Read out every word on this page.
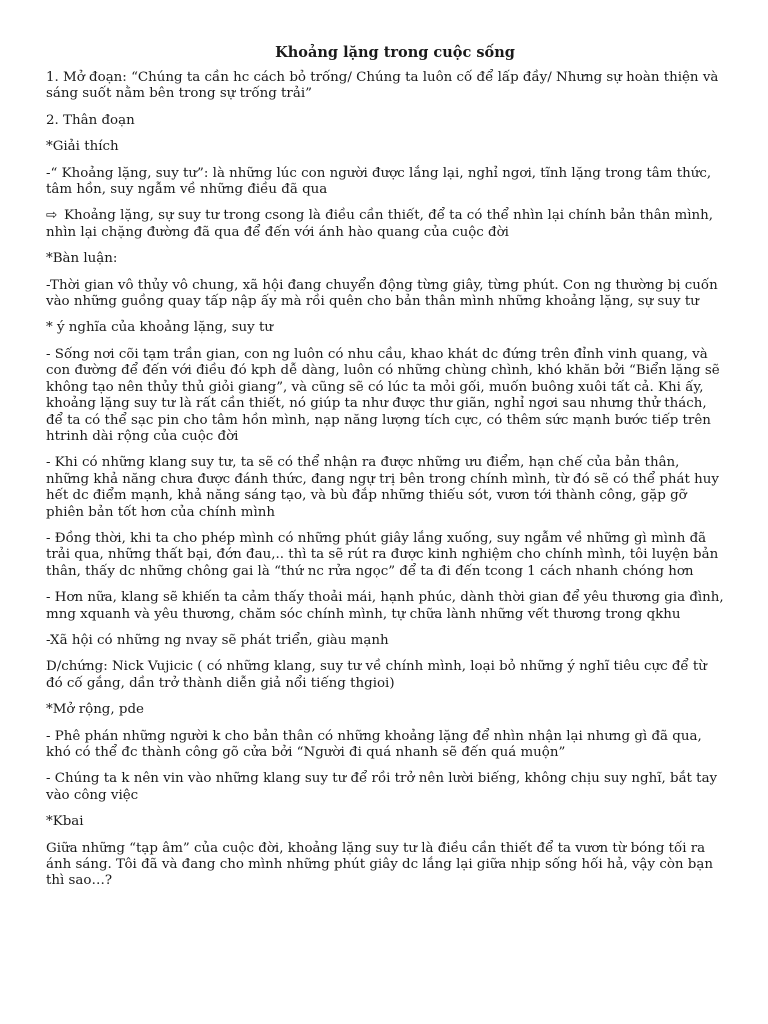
Khoảng lặng trong cuộc sống

1. Mở đoạn: “Chúng ta cần hc cách bỏ trống/ Chúng ta luôn cố để lấp đầy/ Nhưng sự hoàn thiện và sáng suốt nằm bên trong sự trống trải”

2. Thân đoạn

*Giải thích

-“ Khoảng lặng, suy tư”: là những lúc con người được lắng lại, nghỉ ngơi, tĩnh lặng trong tâm thức, tâm hồn, suy ngẫm về những điều đã qua

⇨ Khoảng lặng, sự suy tư trong csong là điều cần thiết, để ta có thể nhìn lại chính bản thân mình, nhìn lại chặng đường đã qua để đến với ánh hào quang của cuộc đời

*Bàn luận:

-Thời gian vô thủy vô chung, xã hội đang chuyển động từng giây, từng phút. Con ng thường bị cuốn vào những guồng quay tấp nập ấy mà rồi quên cho bản thân mình những khoảng lặng, sự suy tư

* ý nghĩa của khoảng lặng, suy tư

- Sống nơi cõi tạm trần gian, con ng luôn có nhu cầu, khao khát dc đứng trên đỉnh vinh quang, và con đường để đến với điều đó kph dễ dàng, luôn có những chùng chình, khó khăn bởi “Biển lặng sẽ không tạo nên thủy thủ giỏi giang”, và cũng sẽ có lúc ta mỏi gối, muốn buông xuôi tất cả. Khi ấy, khoảng lặng suy tư là rất cần thiết, nó giúp ta như được thư giãn, nghỉ ngơi sau nhưng thử thách, để ta có thể sạc pin cho tâm hồn mình, nạp năng lượng tích cực, có thêm sức mạnh bước tiếp trên htrinh dài rộng của cuộc đời

- Khi có những klang suy tư, ta sẽ có thể nhận ra được những ưu điểm, hạn chế của bản thân, những khả năng chưa được đánh thức, đang ngự trị bên trong chính mình, từ đó sẽ có thể phát huy hết dc điểm mạnh, khả năng sáng tạo, và bù đắp những thiếu sót, vươn tới thành công, gặp gỡ phiên bản tốt hơn của chính mình

- Đồng thời, khi ta cho phép mình có những phút giây lắng xuống, suy ngẫm về những gì mình đã trải qua, những thất bại, đớn đau,.. thì ta sẽ rút ra được kinh nghiệm cho chính mình, tôi luyện bản thân, thấy dc những chông gai là “thứ nc rửa ngọc” để ta đi đến tcong 1 cách nhanh chóng hơn

- Hơn nữa, klang sẽ khiến ta cảm thấy thoải mái, hạnh phúc, dành thời gian để yêu thương gia đình, mng xquanh và yêu thương, chăm sóc chính mình, tự chữa lành những vết thương trong qkhu

-Xã hội có những ng nvay sẽ phát triển, giàu mạnh

D/chứng: Nick Vujicic ( có những klang, suy tư về chính mình, loại bỏ những ý nghĩ tiêu cực để từ đó cố gắng, dần trở thành diễn giả nổi tiếng thgioi)

*Mở rộng, pde

- Phê phán những người k cho bản thân có những khoảng lặng để nhìn nhận lại nhưng gì đã qua, khó có thể đc thành công gõ cửa bởi “Người đi quá nhanh sẽ đến quá muộn”

- Chúng ta k nên vin vào những klang suy tư để rồi trở nên lười biếng, không chịu suy nghĩ, bắt tay vào công việc

*Kbai

Giữa những “tạp âm” của cuộc đời, khoảng lặng suy tư là điều cần thiết để ta vươn từ bóng tối ra ánh sáng. Tôi đã và đang cho mình những phút giây dc lắng lại giữa nhịp sống hối hả, vậy còn bạn thì sao…?
